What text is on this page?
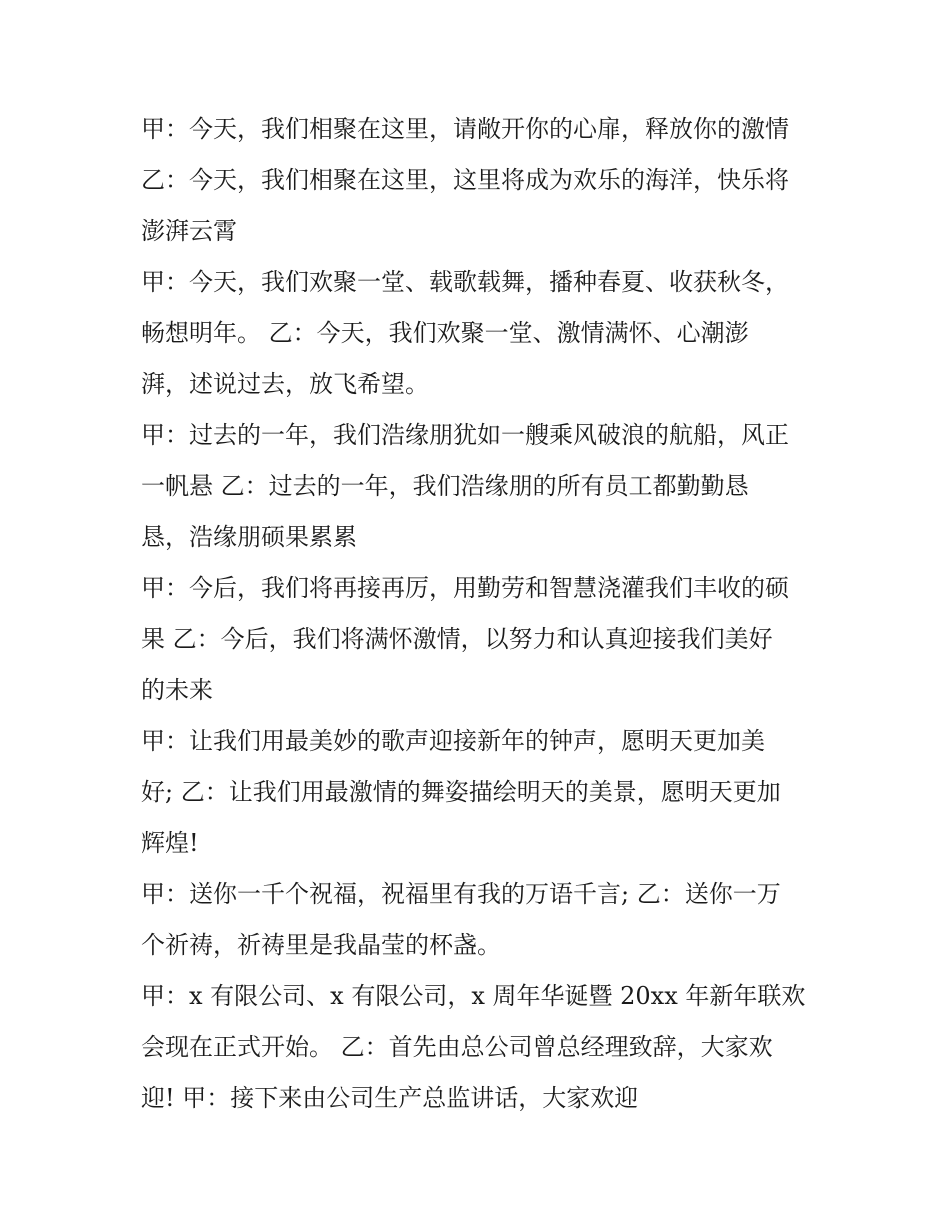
甲：今天，我们相聚在这里，请敞开你的心扉，释放你的激情
乙：今天，我们相聚在这里，这里将成为欢乐的海洋，快乐将
澎湃云霄
甲：今天，我们欢聚一堂、载歌载舞，播种春夏、收获秋冬，
畅想明年。 乙：今天，我们欢聚一堂、激情满怀、心潮澎
湃，述说过去，放飞希望。
甲：过去的一年，我们浩缘朋犹如一艘乘风破浪的航船，风正
一帆悬 乙：过去的一年，我们浩缘朋的所有员工都勤勤恳
恳，浩缘朋硕果累累
甲：今后，我们将再接再厉，用勤劳和智慧浇灌我们丰收的硕
果 乙：今后，我们将满怀激情，以努力和认真迎接我们美好
的未来
甲：让我们用最美妙的歌声迎接新年的钟声，愿明天更加美
好; 乙：让我们用最激情的舞姿描绘明天的美景，愿明天更加
辉煌!
甲：送你一千个祝福，祝福里有我的万语千言; 乙：送你一万
个祈祷，祈祷里是我晶莹的杯盏。
甲：x 有限公司、x 有限公司，x 周年华诞暨 20xx 年新年联欢
会现在正式开始。 乙：首先由总公司曾总经理致辞，大家欢
迎! 甲：接下来由公司生产总监讲话，大家欢迎
